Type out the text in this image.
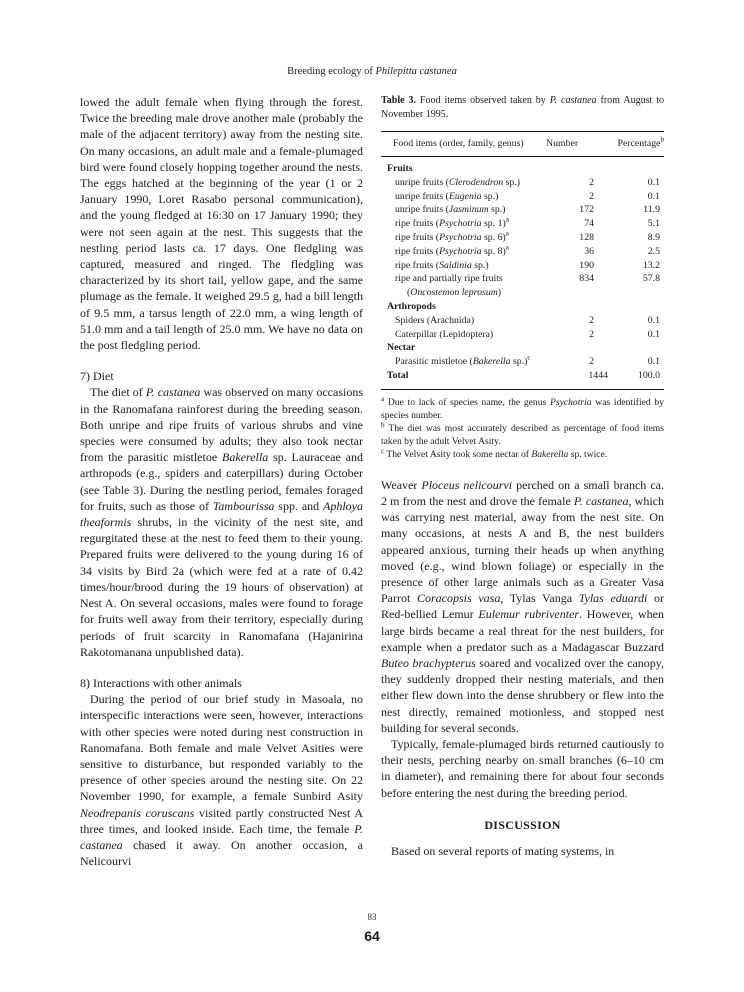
Breeding ecology of Philepitta castanea

lowed the adult female when flying through the forest. Twice the breeding male drove another male (probably the male of the adjacent territory) away from the nesting site. On many occasions, an adult male and a female-plumaged bird were found closely hopping together around the nests. The eggs hatched at the beginning of the year (1 or 2 January 1990, Loret Rasabo personal communication), and the young fledged at 16:30 on 17 January 1990; they were not seen again at the nest. This suggests that the nestling period lasts ca. 17 days. One fledgling was captured, measured and ringed. The fledgling was characterized by its short tail, yellow gape, and the same plumage as the female. It weighed 29.5 g, had a bill length of 9.5 mm, a tarsus length of 22.0 mm, a wing length of 51.0 mm and a tail length of 25.0 mm. We have no data on the post fledgling period.

7) Diet

The diet of P. castanea was observed on many occasions in the Ranomafana rainforest during the breeding season. Both unripe and ripe fruits of various shrubs and vine species were consumed by adults; they also took nectar from the parasitic mistletoe Bakerella sp. Lauraceae and arthropods (e.g., spiders and caterpillars) during October (see Table 3). During the nestling period, females foraged for fruits, such as those of Tambourissa spp. and Aphloya theaformis shrubs, in the vicinity of the nest site, and regurgitated these at the nest to feed them to their young. Prepared fruits were delivered to the young during 16 of 34 visits by Bird 2a (which were fed at a rate of 0.42 times/hour/brood during the 19 hours of observation) at Nest A. On several occasions, males were found to forage for fruits well away from their territory, especially during periods of fruit scarcity in Ranomafana (Hajanirina Rakotomanana unpublished data).

8) Interactions with other animals

During the period of our brief study in Masoala, no interspecific interactions were seen, however, interactions with other species were noted during nest construction in Ranomafana. Both female and male Velvet Asities were sensitive to disturbance, but responded variably to the presence of other species around the nesting site. On 22 November 1990, for example, a female Sunbird Asity Neodrepanis coruscans visited partly constructed Nest A three times, and looked inside. Each time, the female P. castanea chased it away. On another occasion, a Nelicourvi

Table 3. Food items observed taken by P. castanea from August to November 1995.
Food items (order, family, genus)	Number	Percentage$^b$
Fruits		
unripe fruits (Clerodendron sp.)	2	0.1
unripe fruits (Eugenia sp.)	2	0.1
unripe fruits (Jasminum sp.)	172	11.9
ripe fruits (Psychotria sp. 1)$^a$	74	5.1
ripe fruits (Psychotria sp. 6)$^a$	128	8.9
ripe fruits (Psychotria sp. 8)$^a$	36	2.5
ripe fruits (Saldinia sp.)	190	13.2
ripe and partially ripe fruits	834	57.8
(Oncostemon leprosum)		
Arthropods		
Spiders (Arachnida)	2	0.1
Caterpillar (Lepidoptera)	2	0.1
Nectar		
Parasitic mistletoe (Bakerella sp.)$^c$	2	0.1
Total	1444	100.0
$^a$ Due to lack of species name, the genus Psychotria was identified by species number.
$^b$ The diet was most accurately described as percentage of food items taken by the adult Velvet Asity.
$^c$ The Velvet Asity took some nectar of Bakerella sp. twice.

Weaver Ploceus nelicourvi perched on a small branch ca. 2 m from the nest and drove the female P. castanea, which was carrying nest material, away from the nest site. On many occasions, at nests A and B, the nest builders appeared anxious, turning their heads up when anything moved (e.g., wind blown foliage) or especially in the presence of other large animals such as a Greater Vasa Parrot Coracopsis vasa, Tylas Vanga Tylas eduardi or Red-bellied Lemur Eulemur rubriventer. However, when large birds became a real threat for the nest builders, for example when a predator such as a Madagascar Buzzard Buteo brachypterus soared and vocalized over the canopy, they suddenly dropped their nesting materials, and then either flew down into the dense shrubbery or flew into the nest directly, remained motionless, and stopped nest building for several seconds.

Typically, female-plumaged birds returned cautiously to their nests, perching nearby on small branches (6–10 cm in diameter), and remaining there for about four seconds before entering the nest during the breeding period.

DISCUSSION

Based on several reports of mating systems, in

83
64
